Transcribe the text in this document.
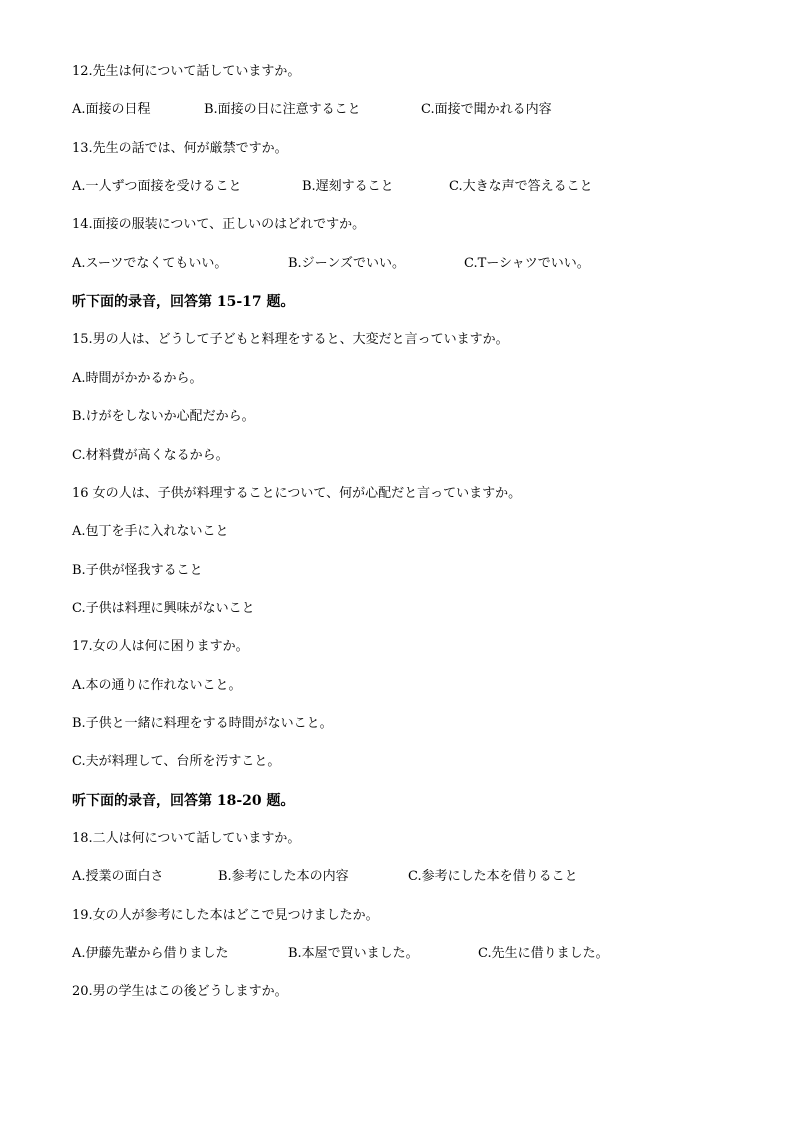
12.先生は何について話していますか。
A.面接の日程	B.面接の日に注意すること	C.面接で聞かれる内容
13.先生の話では、何が厳禁ですか。
A.一人ずつ面接を受けること	B.遅刻すること	C.大きな声で答えること
14.面接の服装について、正しいのはどれですか。
A.スーツでなくてもいい。	B.ジーンズでいい。	C.Tーシャツでいい。
听下面的录音，回答第 15-17 题。
15.男の人は、どうして子どもと料理をすると、大変だと言っていますか。
A.時間がかかるから。
B.けがをしないか心配だから。
C.材料費が高くなるから。
16 女の人は、子供が料理することについて、何が心配だと言っていますか。
A.包丁を手に入れないこと
B.子供が怪我すること
C.子供は料理に興味がないこと
17.女の人は何に困りますか。
A.本の通りに作れないこと。
B.子供と一緒に料理をする時間がないこと。
C.夫が料理して、台所を汚すこと。
听下面的录音，回答第 18-20 题。
18.二人は何について話していますか。
A.授業の面白さ	B.参考にした本の内容	C.参考にした本を借りること
19.女の人が参考にした本はどこで見つけましたか。
A.伊藤先輩から借りました	B.本屋で買いました。	C.先生に借りました。
20.男の学生はこの後どうしますか。
